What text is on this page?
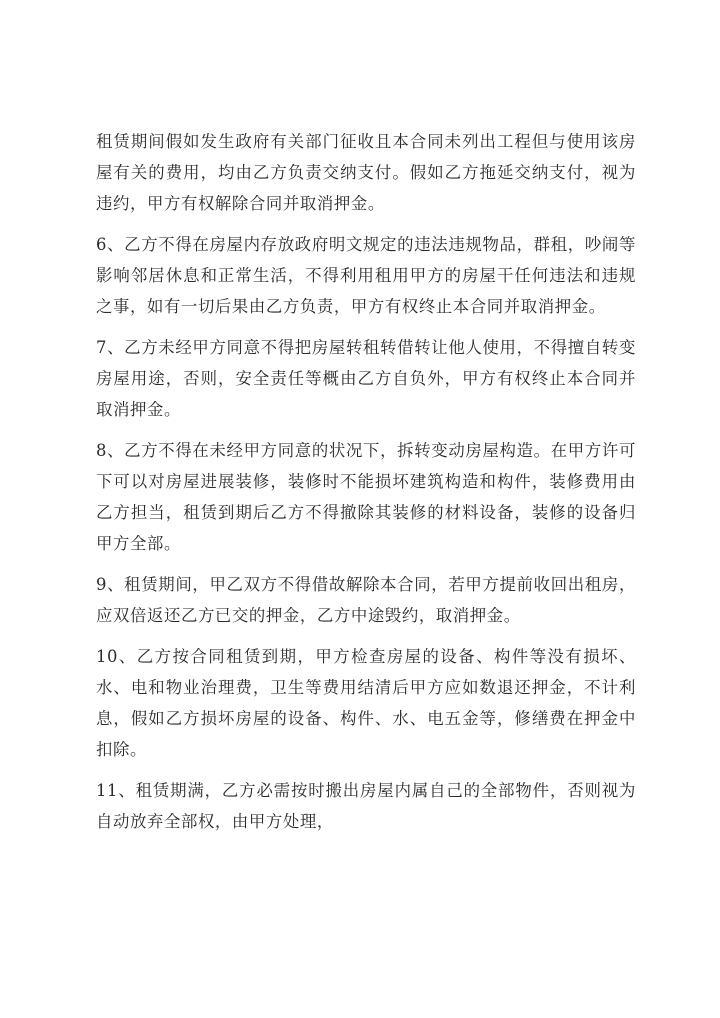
租赁期间假如发生政府有关部门征收且本合同未列出工程但与使用该房屋有关的费用，均由乙方负责交纳支付。假如乙方拖延交纳支付，视为违约，甲方有权解除合同并取消押金。

6、乙方不得在房屋内存放政府明文规定的违法违规物品，群租，吵闹等影响邻居休息和正常生活，不得利用租用甲方的房屋干任何违法和违规之事，如有一切后果由乙方负责，甲方有权终止本合同并取消押金。

7、乙方未经甲方同意不得把房屋转租转借转让他人使用，不得擅自转变房屋用途，否则，安全责任等概由乙方自负外，甲方有权终止本合同并取消押金。

8、乙方不得在未经甲方同意的状况下，拆转变动房屋构造。在甲方许可下可以对房屋进展装修，装修时不能损坏建筑构造和构件，装修费用由乙方担当，租赁到期后乙方不得撤除其装修的材料设备，装修的设备归甲方全部。

9、租赁期间，甲乙双方不得借故解除本合同，若甲方提前收回出租房，应双倍返还乙方已交的押金，乙方中途毁约，取消押金。

10、乙方按合同租赁到期，甲方检查房屋的设备、构件等没有损坏、水、电和物业治理费，卫生等费用结清后甲方应如数退还押金，不计利息，假如乙方损坏房屋的设备、构件、水、电五金等，修缮费在押金中扣除。

11、租赁期满，乙方必需按时搬出房屋内属自己的全部物件，否则视为自动放弃全部权，由甲方处理，
